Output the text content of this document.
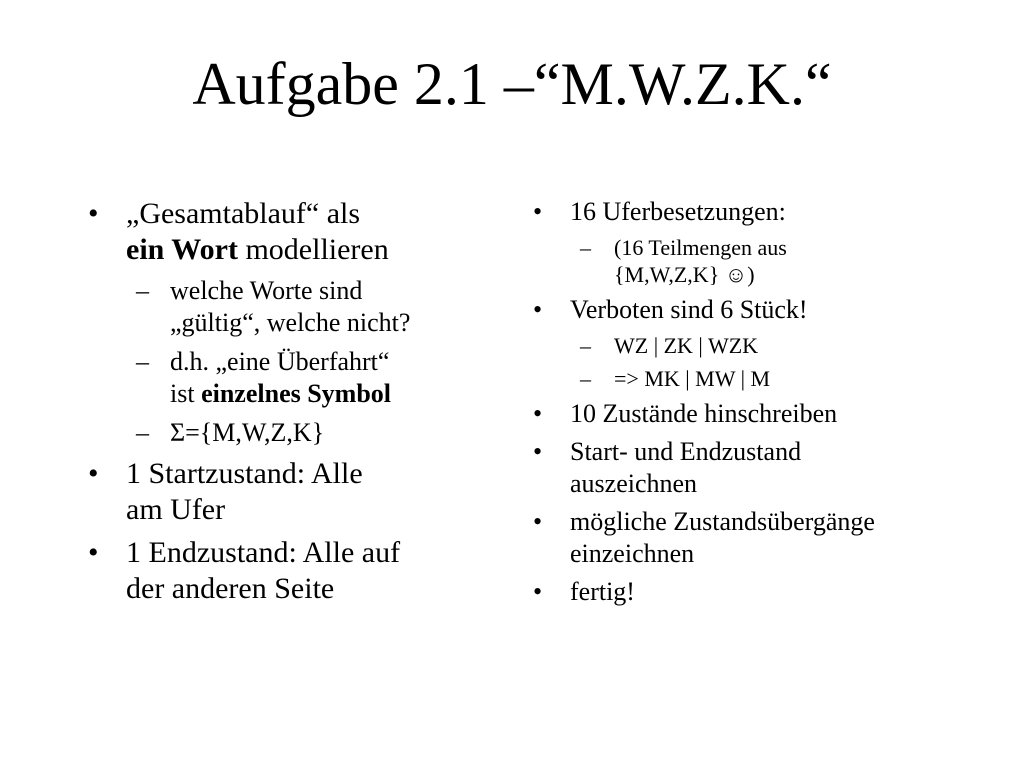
Aufgabe 2.1 –“M.W.Z.K.“
• „Gesamtablauf“ als
ein Wort modellieren
– welche Worte sind
„gültig“, welche nicht?
– d.h. „eine Überfahrt“
ist einzelnes Symbol
– Σ={M,W,Z,K}
• 1 Startzustand: Alle
am Ufer
• 1 Endzustand: Alle auf
der anderen Seite
• 16 Uferbesetzungen:
– (16 Teilmengen aus
{M,W,Z,K} ☺)
• Verboten sind 6 Stück!
– WZ | ZK | WZK
– => MK | MW | M
• 10 Zustände hinschreiben
• Start- und Endzustand
auszeichnen
• mögliche Zustandsübergänge
einzeichnen
• fertig!
